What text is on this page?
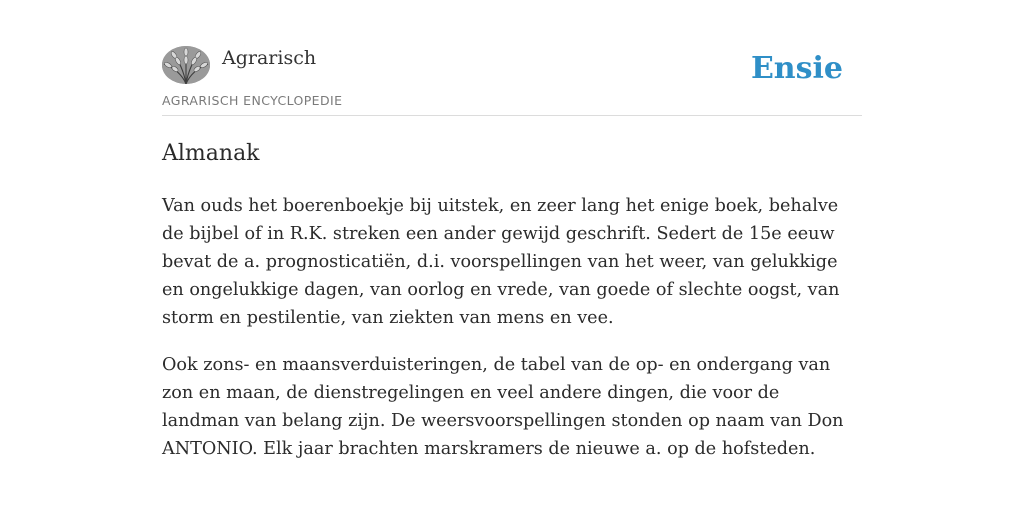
Agrarisch
AGRARISCH ENCYCLOPEDIE
Ensie
Almanak

Van ouds het boerenboekje bij uitstek, en zeer lang het enige boek, behalve de bijbel of in R.K. streken een ander gewijd geschrift. Sedert de 15e eeuw bevat de a. prognosticatiën, d.i. voorspellingen van het weer, van gelukkige en ongelukkige dagen, van oorlog en vrede, van goede of slechte oogst, van storm en pestilentie, van ziekten van mens en vee.

Ook zons- en maansverduisteringen, de tabel van de op- en ondergang van zon en maan, de dienstregelingen en veel andere dingen, die voor de landman van belang zijn. De weersvoorspellingen stonden op naam van Don ANTONIO. Elk jaar brachten marskramers de nieuwe a. op de hofsteden.
